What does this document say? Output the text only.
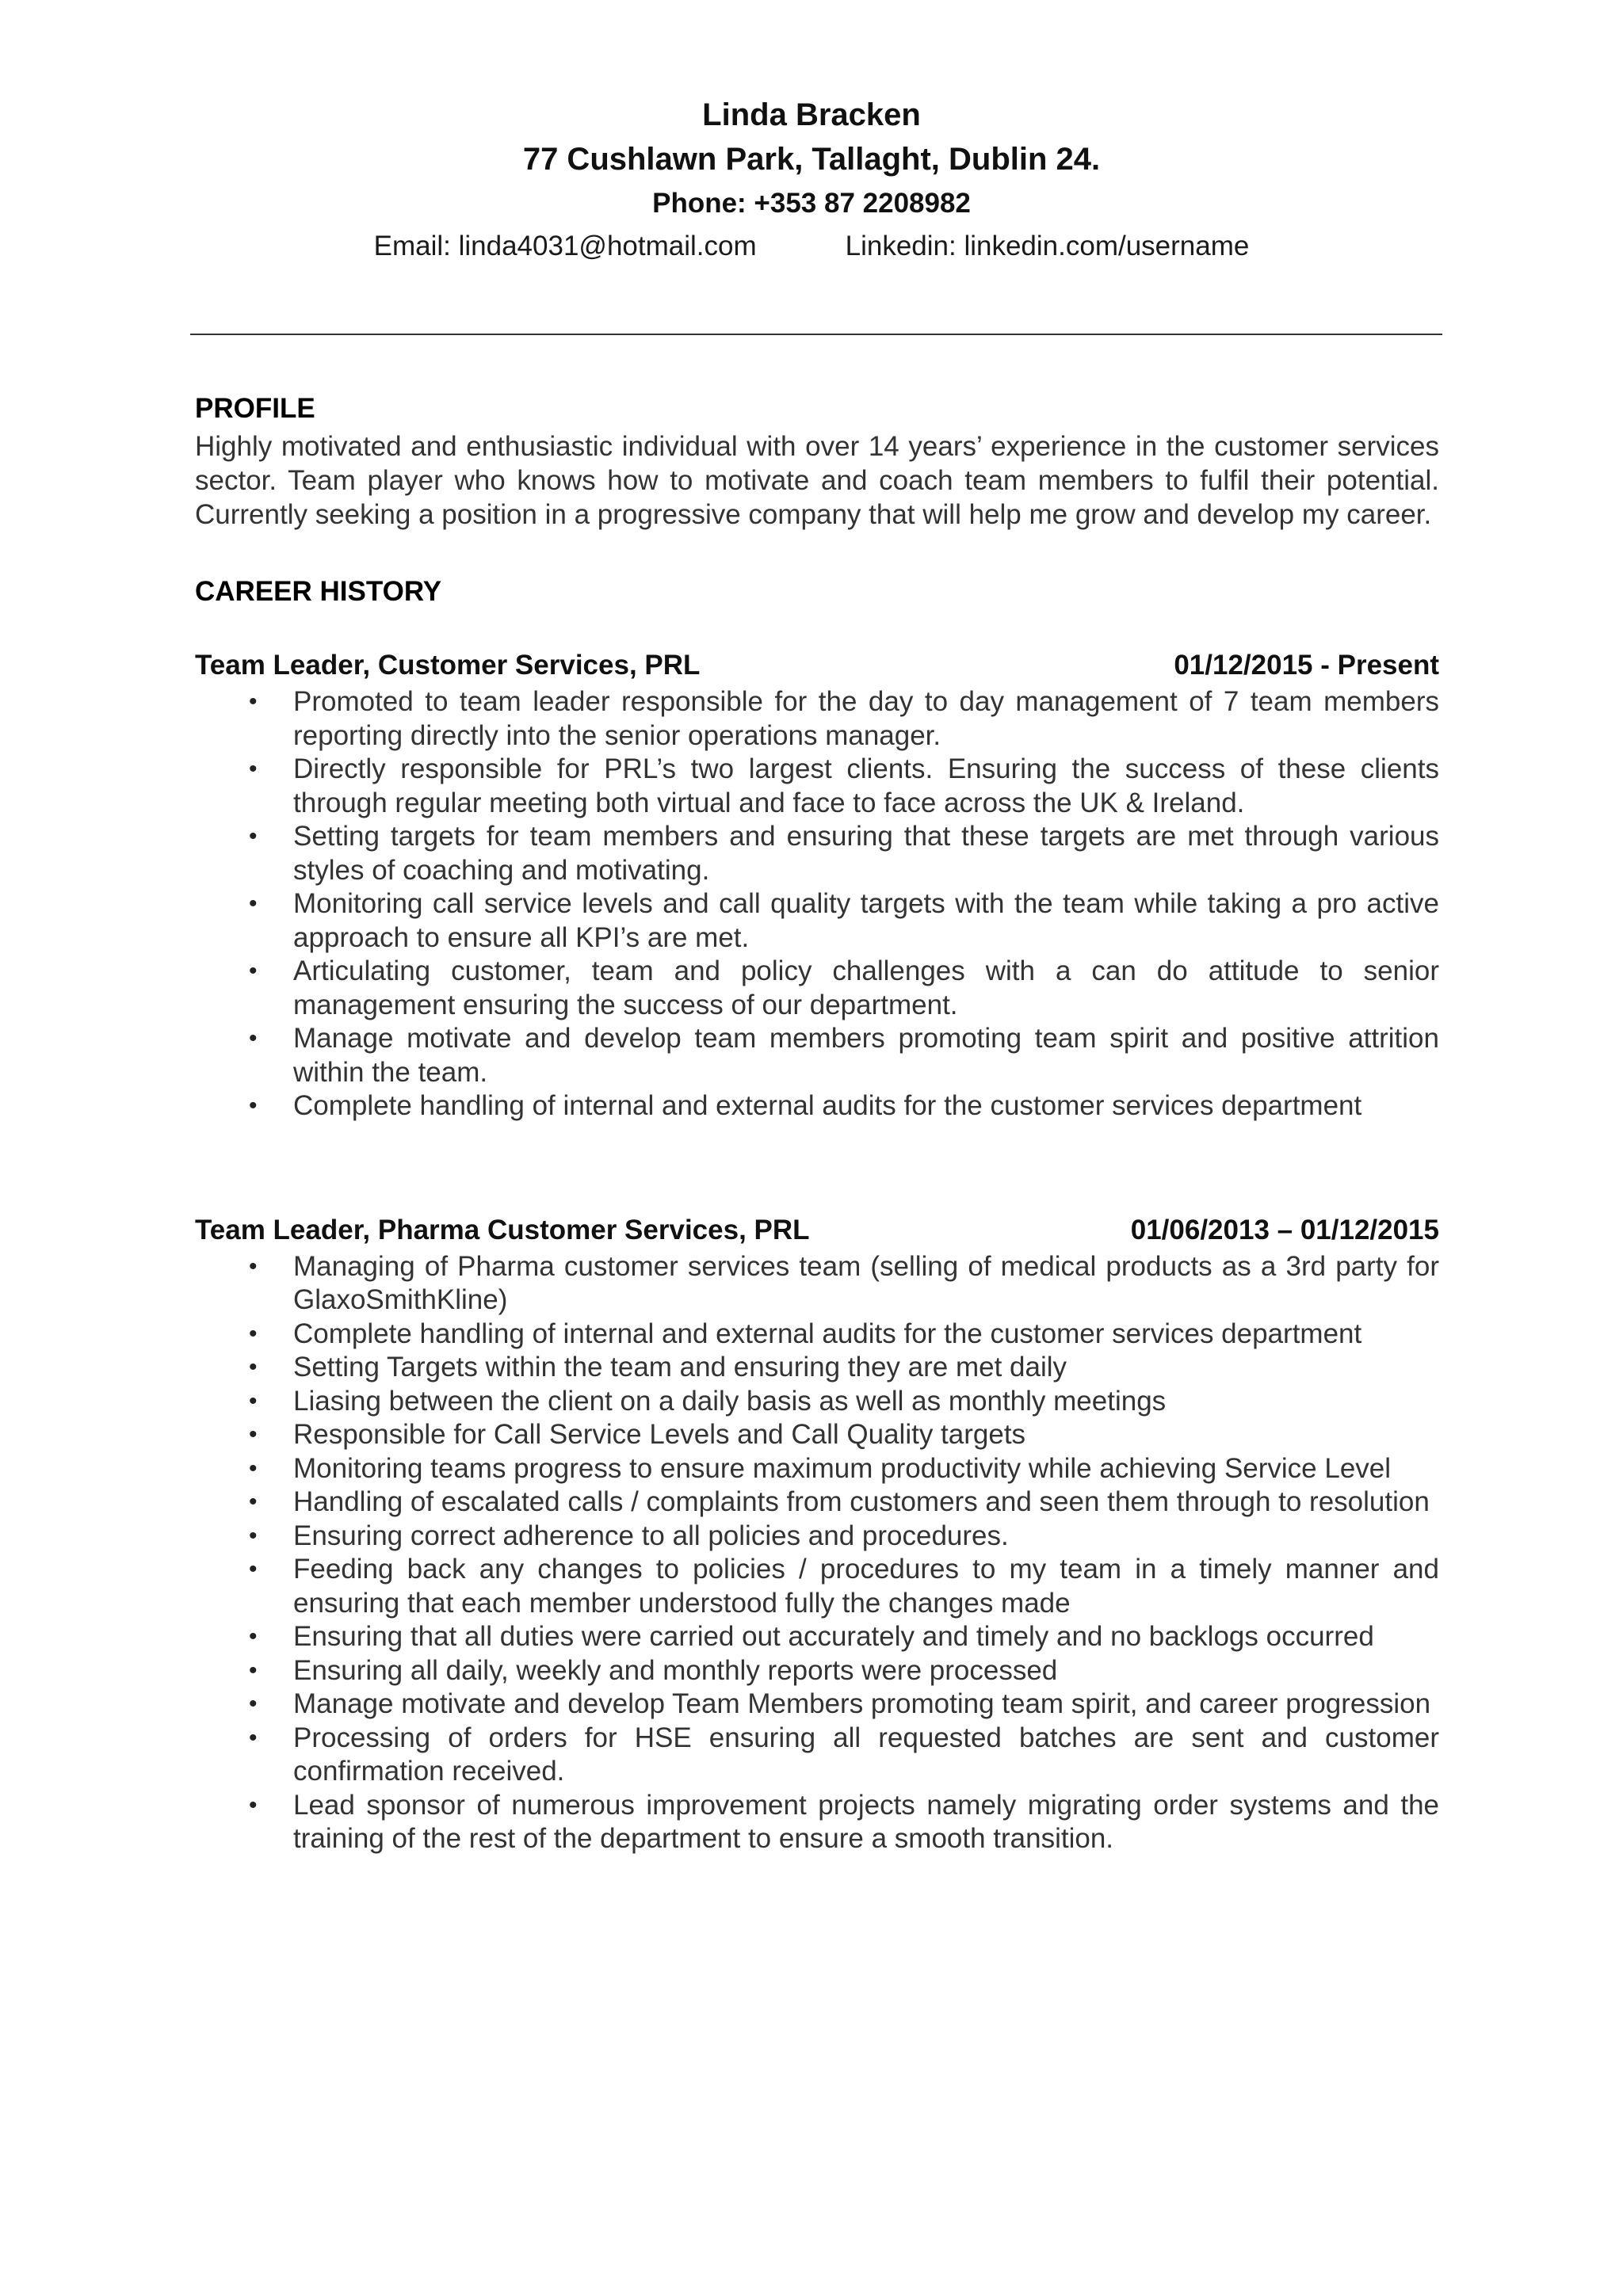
Linda Bracken
77 Cushlawn Park, Tallaght, Dublin 24.
Phone: +353 87 2208982
Email: linda4031@hotmail.com	Linkedin: linkedin.com/username
PROFILE

Highly motivated and enthusiastic individual with over 14 years’ experience in the customer services sector. Team player who knows how to motivate and coach team members to fulfil their potential. Currently seeking a position in a progressive company that will help me grow and develop my career.

CAREER HISTORY
Team Leader, Customer Services, PRL	01/12/2015 - Present
• Promoted to team leader responsible for the day to day management of 7 team members reporting directly into the senior operations manager.
• Directly responsible for PRL’s two largest clients. Ensuring the success of these clients through regular meeting both virtual and face to face across the UK & Ireland.
• Setting targets for team members and ensuring that these targets are met through various styles of coaching and motivating.
• Monitoring call service levels and call quality targets with the team while taking a pro active approach to ensure all KPI’s are met.
• Articulating customer, team and policy challenges with a can do attitude to senior management ensuring the success of our department.
• Manage motivate and develop team members promoting team spirit and positive attrition within the team.
• Complete handling of internal and external audits for the customer services department
Team Leader, Pharma Customer Services, PRL	01/06/2013 – 01/12/2015
• Managing of Pharma customer services team (selling of medical products as a 3rd party for GlaxoSmithKline)
• Complete handling of internal and external audits for the customer services department
• Setting Targets within the team and ensuring they are met daily
• Liasing between the client on a daily basis as well as monthly meetings
• Responsible for Call Service Levels and Call Quality targets
• Monitoring teams progress to ensure maximum productivity while achieving Service Level
• Handling of escalated calls / complaints from customers and seen them through to resolution
• Ensuring correct adherence to all policies and procedures.
• Feeding back any changes to policies / procedures to my team in a timely manner and ensuring that each member understood fully the changes made
• Ensuring that all duties were carried out accurately and timely and no backlogs occurred
• Ensuring all daily, weekly and monthly reports were processed
• Manage motivate and develop Team Members promoting team spirit, and career progression
• Processing of orders for HSE ensuring all requested batches are sent and customer confirmation received.
• Lead sponsor of numerous improvement projects namely migrating order systems and the training of the rest of the department to ensure a smooth transition.
